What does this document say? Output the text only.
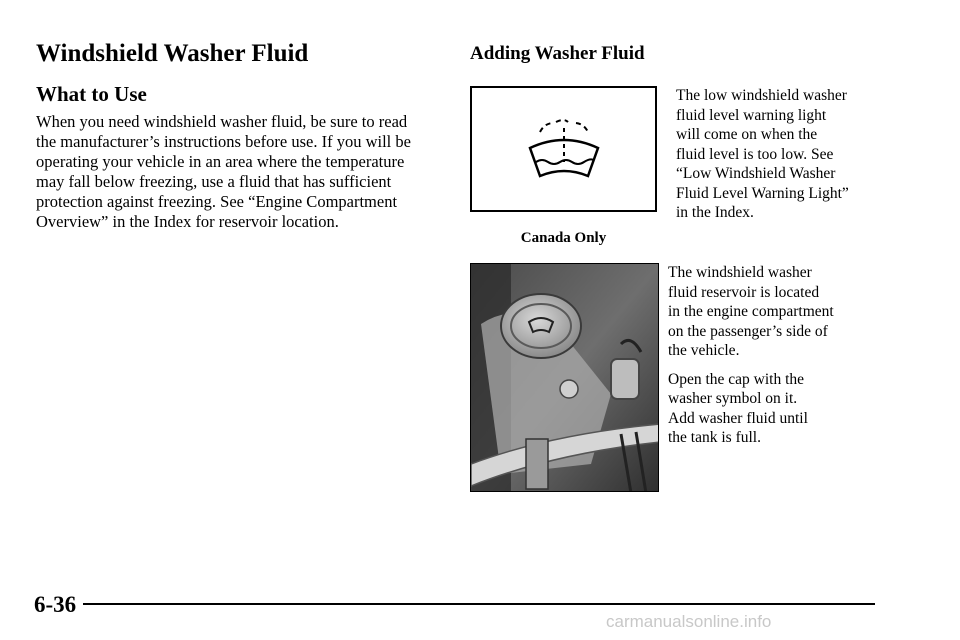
Windshield Washer Fluid
What to Use

When you need windshield washer fluid, be sure to read
the manufacturer’s instructions before use. If you will be
operating your vehicle in an area where the temperature
may fall below freezing, use a fluid that has sufficient
protection against freezing. See “Engine Compartment
Overview” in the Index for reservoir location.

Adding Washer Fluid
Canada Only

The low windshield washer
fluid level warning light
will come on when the
fluid level is too low. See
“Low Windshield Washer
Fluid Level Warning Light”
in the Index.

The windshield washer
fluid reservoir is located
in the engine compartment
on the passenger’s side of
the vehicle.

Open the cap with the
washer symbol on it.
Add washer fluid until
the tank is full.

6-36
carmanualsonline.info
